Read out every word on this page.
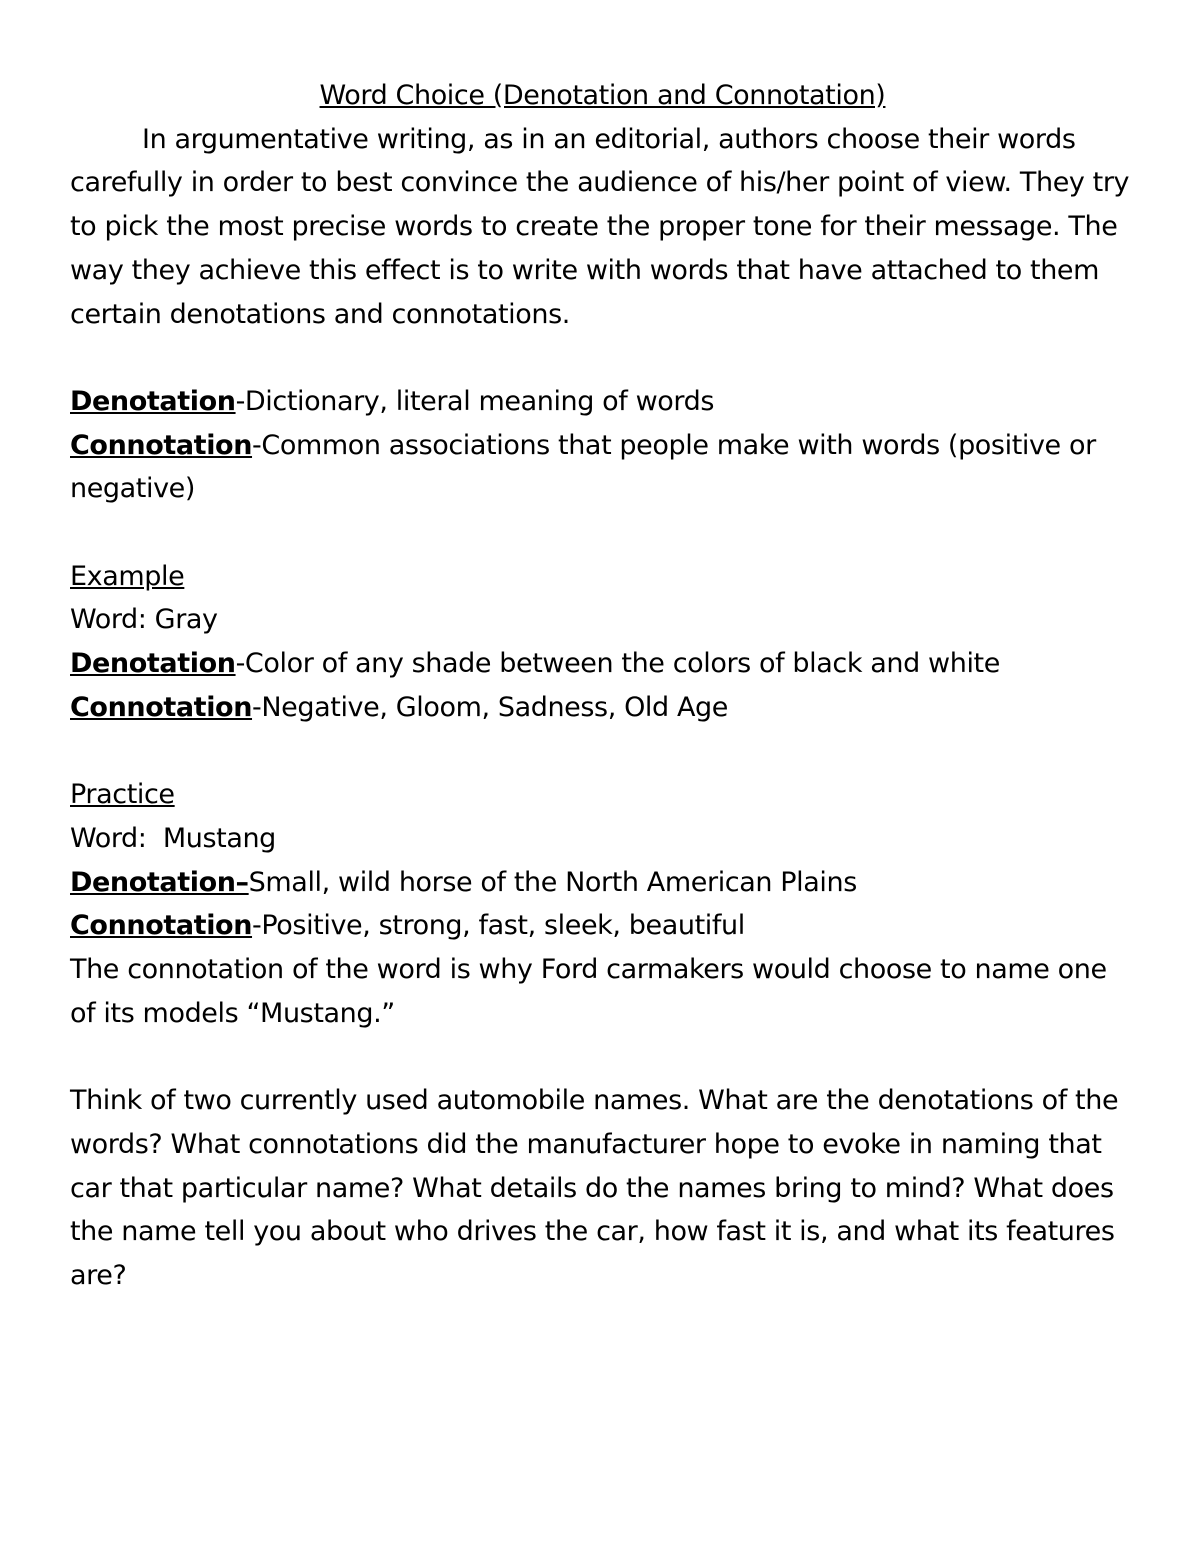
Word Choice (Denotation and Connotation)

In argumentative writing, as in an editorial, authors choose their words carefully in order to best convince the audience of his/her point of view. They try to pick the most precise words to create the proper tone for their message. The way they achieve this effect is to write with words that have attached to them certain denotations and connotations.

Denotation-Dictionary, literal meaning of words

Connotation-Common associations that people make with words (positive or negative)

Example

Word: Gray

Denotation-Color of any shade between the colors of black and white

Connotation-Negative, Gloom, Sadness, Old Age

Practice

Word:  Mustang

Denotation–Small, wild horse of the North American Plains

Connotation-Positive, strong, fast, sleek, beautiful

The connotation of the word is why Ford carmakers would choose to name one of its models “Mustang.”

Think of two currently used automobile names. What are the denotations of the words? What connotations did the manufacturer hope to evoke in naming that car that particular name? What details do the names bring to mind? What does the name tell you about who drives the car, how fast it is, and what its features are?
